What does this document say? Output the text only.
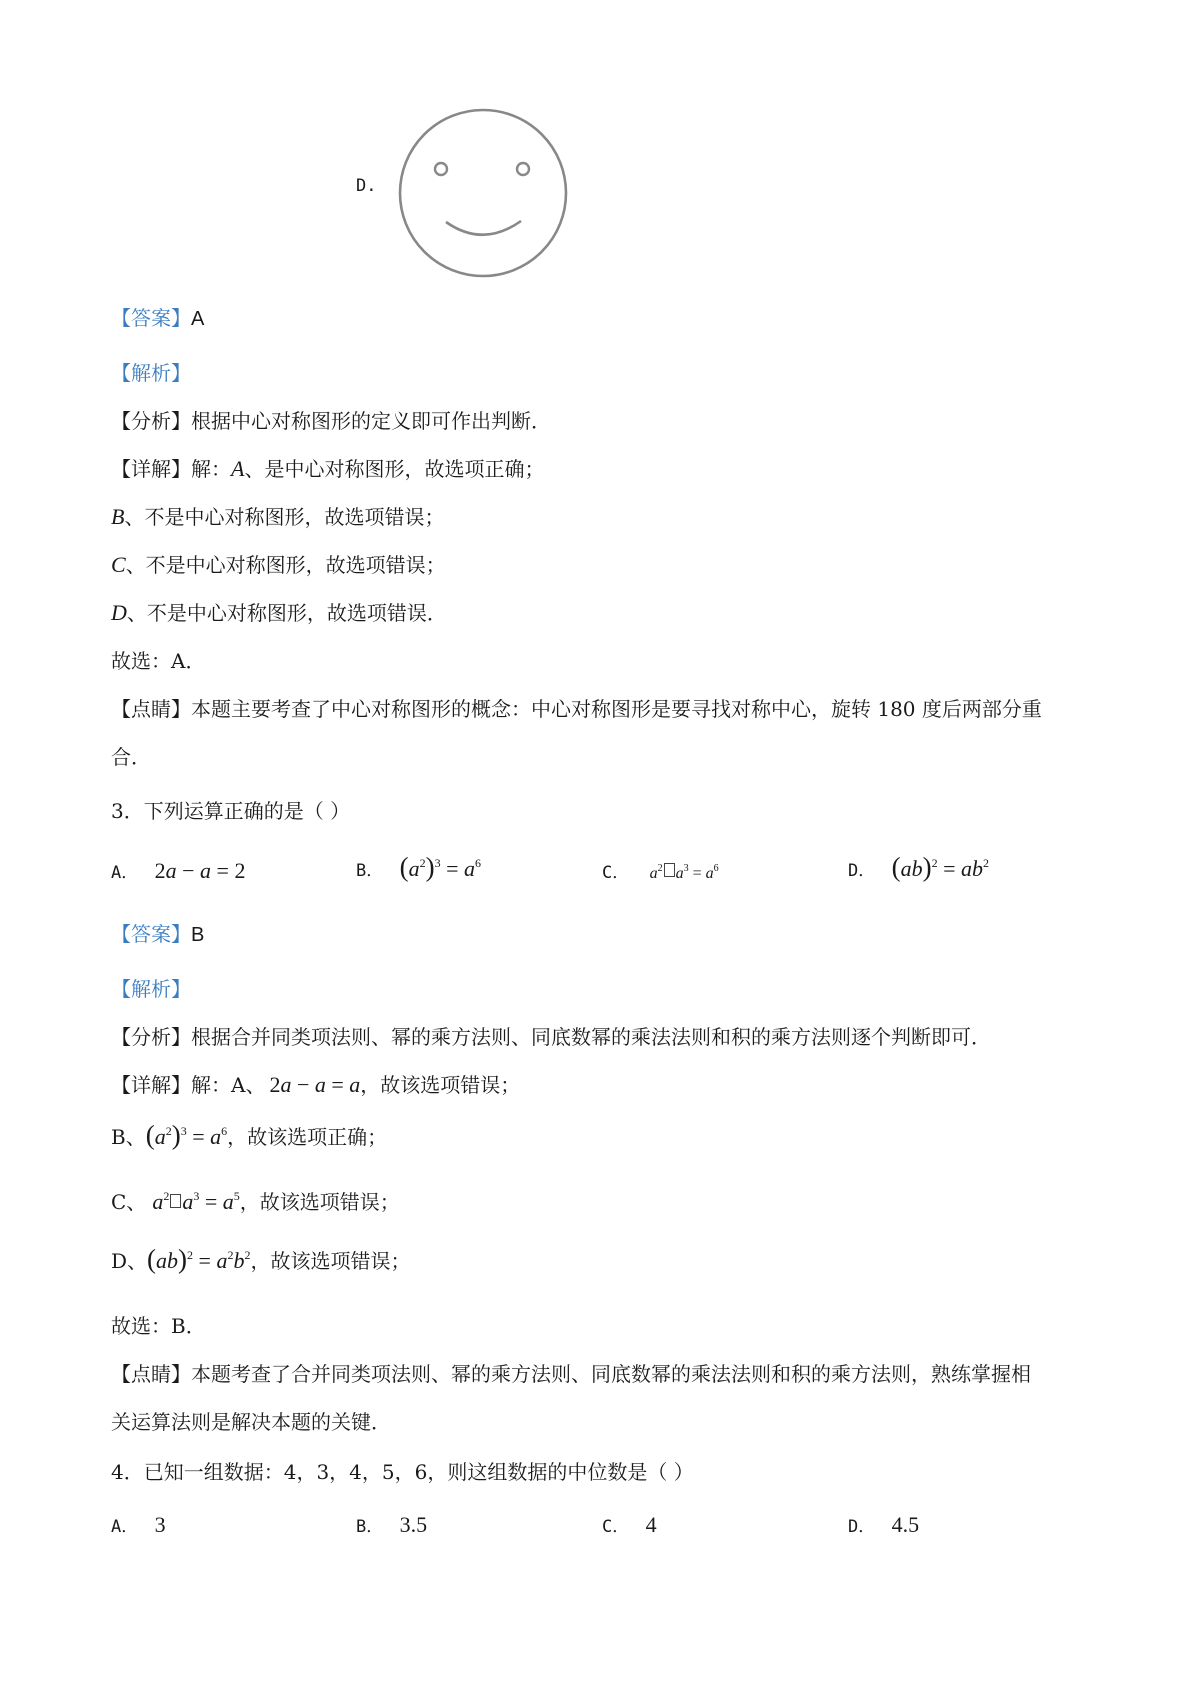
D.
【答案】A
【解析】
【分析】根据中心对称图形的定义即可作出判断．
【详解】解：A、是中心对称图形，故选项正确；
B、不是中心对称图形，故选项错误；
C、不是中心对称图形，故选项错误；
D、不是中心对称图形，故选项错误．
故选：A．
【点睛】本题主要考查了中心对称图形的概念：中心对称图形是要寻找对称中心，旋转 180 度后两部分重
合．
3．下列运算正确的是（ ）
A． 2a − a = 2	B． $(a^2)^3 = a^6$	C． $a^2$ $a^3 = a^6$	D． $(ab)^2 = ab^2$
【答案】B
【解析】
【分析】根据合并同类项法则、幂的乘方法则、同底数幂的乘法法则和积的乘方法则逐个判断即可．
【详解】解：A、 2a − a = a，故该选项错误；
B、$(a^2)^3 = a^6$，故该选项正确；
C、 $a^2$ $a^3 = a^5$，故该选项错误；
D、$(ab)^2 = a^2b^2$，故该选项错误；
故选：B．
【点睛】本题考查了合并同类项法则、幂的乘方法则、同底数幂的乘法法则和积的乘方法则，熟练掌握相
关运算法则是解决本题的关键．
4．已知一组数据：4，3，4，5，6，则这组数据的中位数是（ ）
A． 3	B． 3.5	C． 4	D． 4.5
